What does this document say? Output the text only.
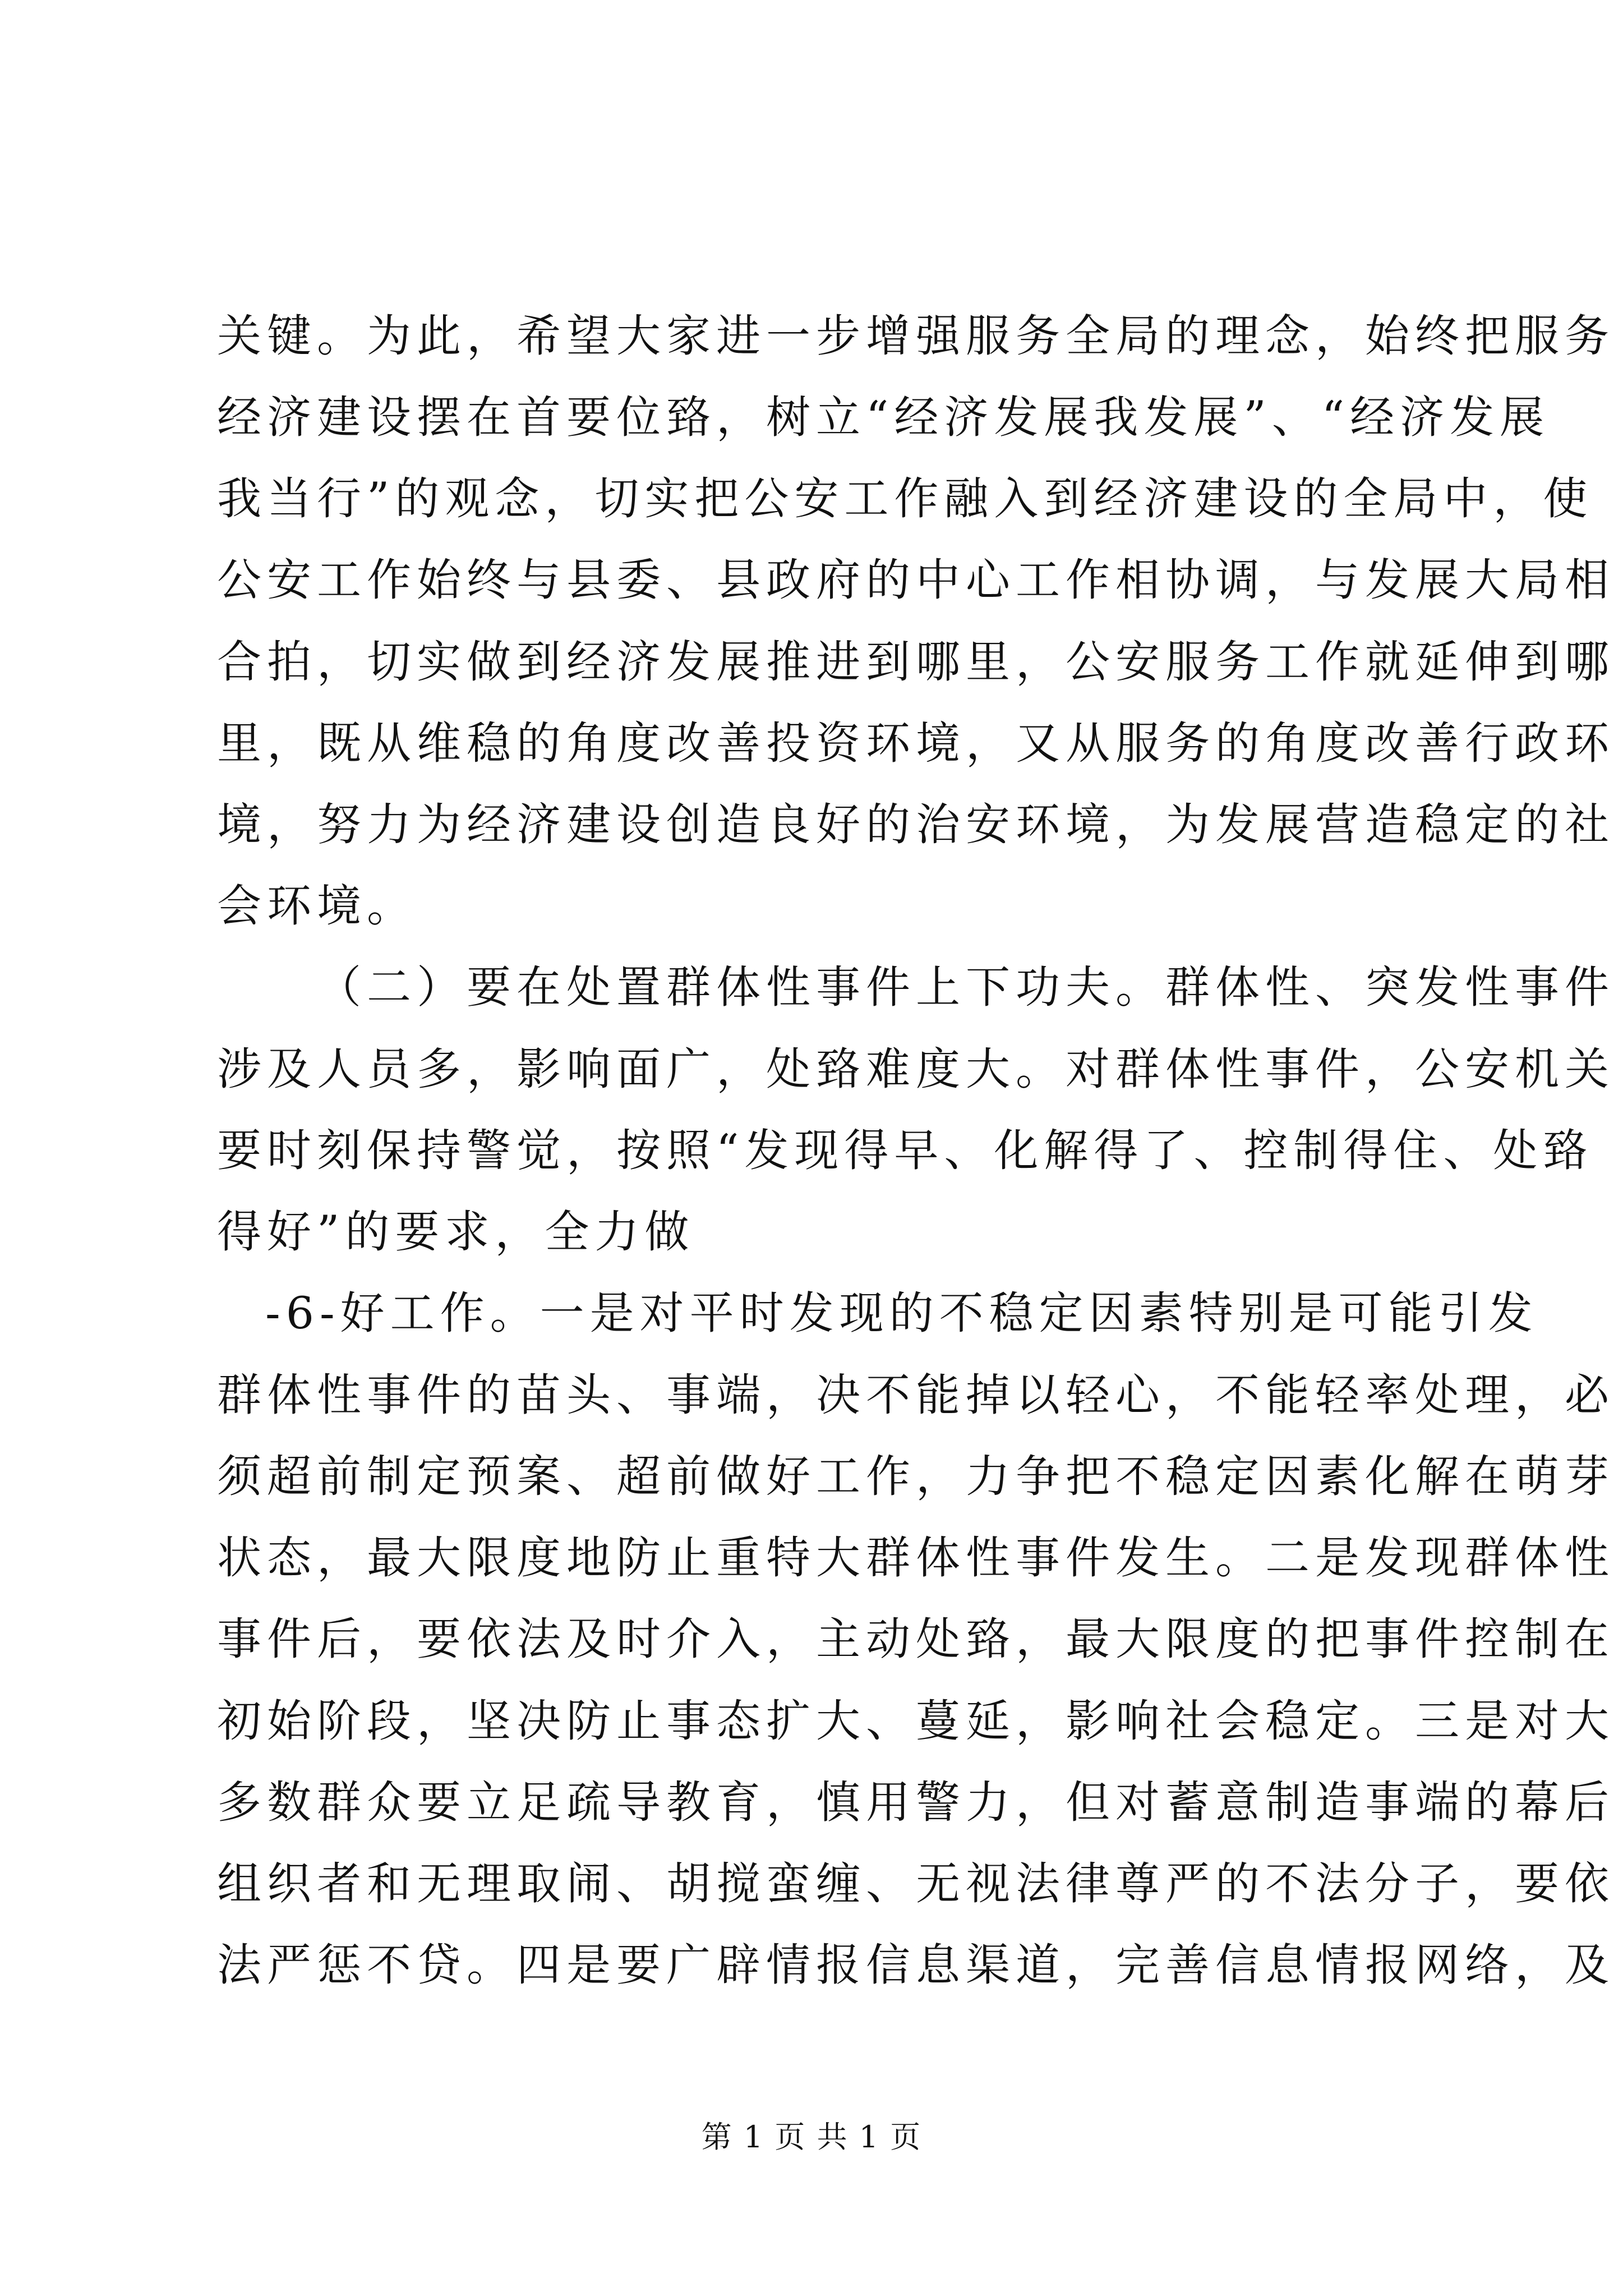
关键。为此，希望大家进一步增强服务全局的理念，始终把服务
经济建设摆在首要位臵，树立“经济发展我发展”、“经济发展
我当行”的观念，切实把公安工作融入到经济建设的全局中，使
公安工作始终与县委、县政府的中心工作相协调，与发展大局相
合拍，切实做到经济发展推进到哪里，公安服务工作就延伸到哪
里，既从维稳的角度改善投资环境，又从服务的角度改善行政环
境，努力为经济建设创造良好的治安环境，为发展营造稳定的社
会环境。
（二）要在处置群体性事件上下功夫。群体性、突发性事件
涉及人员多，影响面广，处臵难度大。对群体性事件，公安机关
要时刻保持警觉，按照“发现得早、化解得了、控制得住、处臵
得好”的要求，全力做
-6-好工作。一是对平时发现的不稳定因素特别是可能引发
群体性事件的苗头、事端，决不能掉以轻心，不能轻率处理，必
须超前制定预案、超前做好工作，力争把不稳定因素化解在萌芽
状态，最大限度地防止重特大群体性事件发生。二是发现群体性
事件后，要依法及时介入，主动处臵，最大限度的把事件控制在
初始阶段，坚决防止事态扩大、蔓延，影响社会稳定。三是对大
多数群众要立足疏导教育，慎用警力，但对蓄意制造事端的幕后
组织者和无理取闹、胡搅蛮缠、无视法律尊严的不法分子，要依
法严惩不贷。四是要广辟情报信息渠道，完善信息情报网络，及
第 1 页 共 1 页
